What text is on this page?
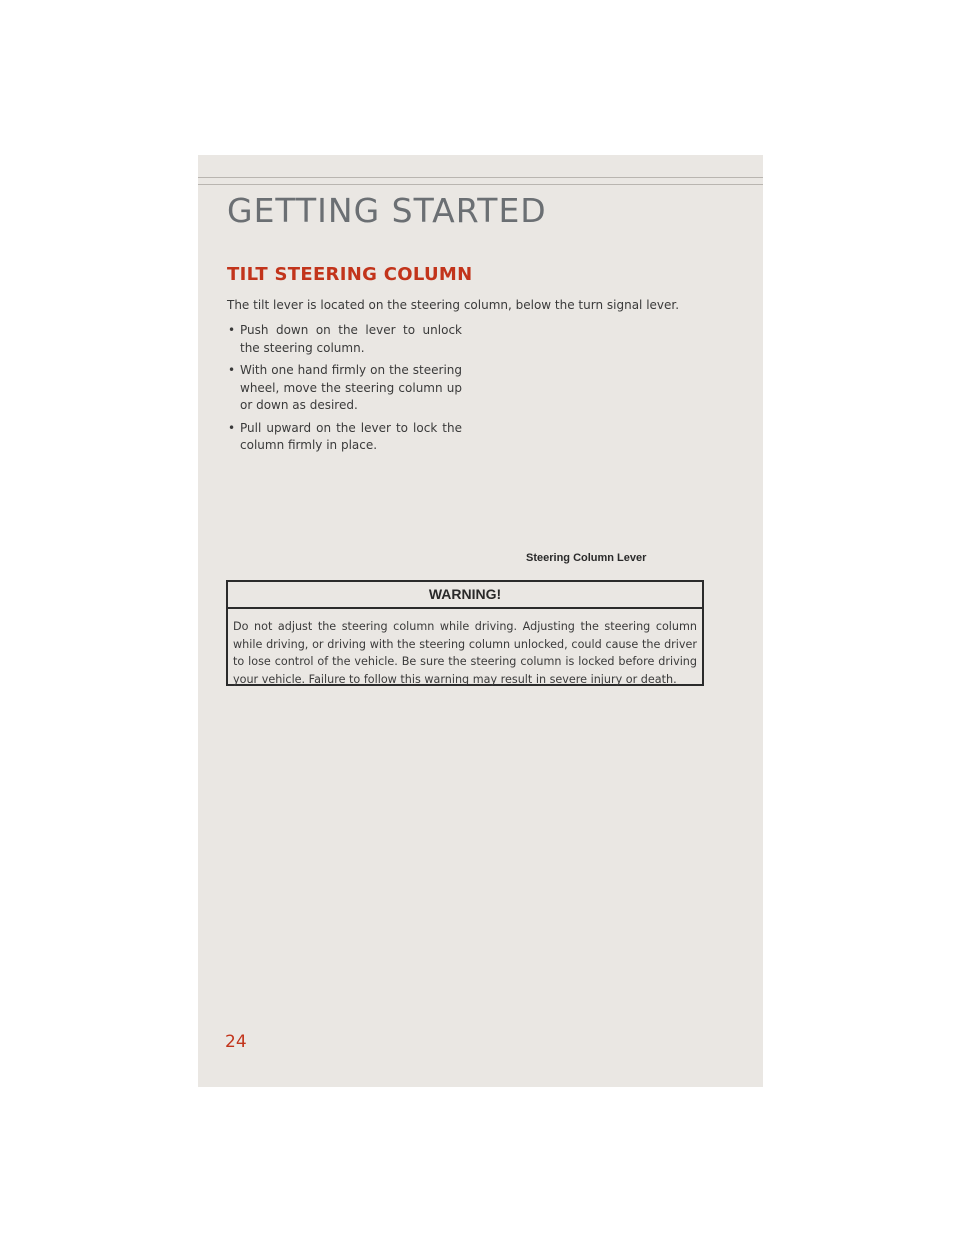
GETTING STARTED
TILT STEERING COLUMN
The tilt lever is located on the steering column, below the turn signal lever.
• Push down on the lever to unlock the steering column.
• With one hand firmly on the steering wheel, move the steering column up or down as desired.
• Pull upward on the lever to lock the column firmly in place.
Steering Column Lever
WARNING!
Do not adjust the steering column while driving. Adjusting the steering column while driving, or driving with the steering column unlocked, could cause the driver to lose control of the vehicle. Be sure the steering column is locked before driving your vehicle. Failure to follow this warning may result in severe injury or death.
24
